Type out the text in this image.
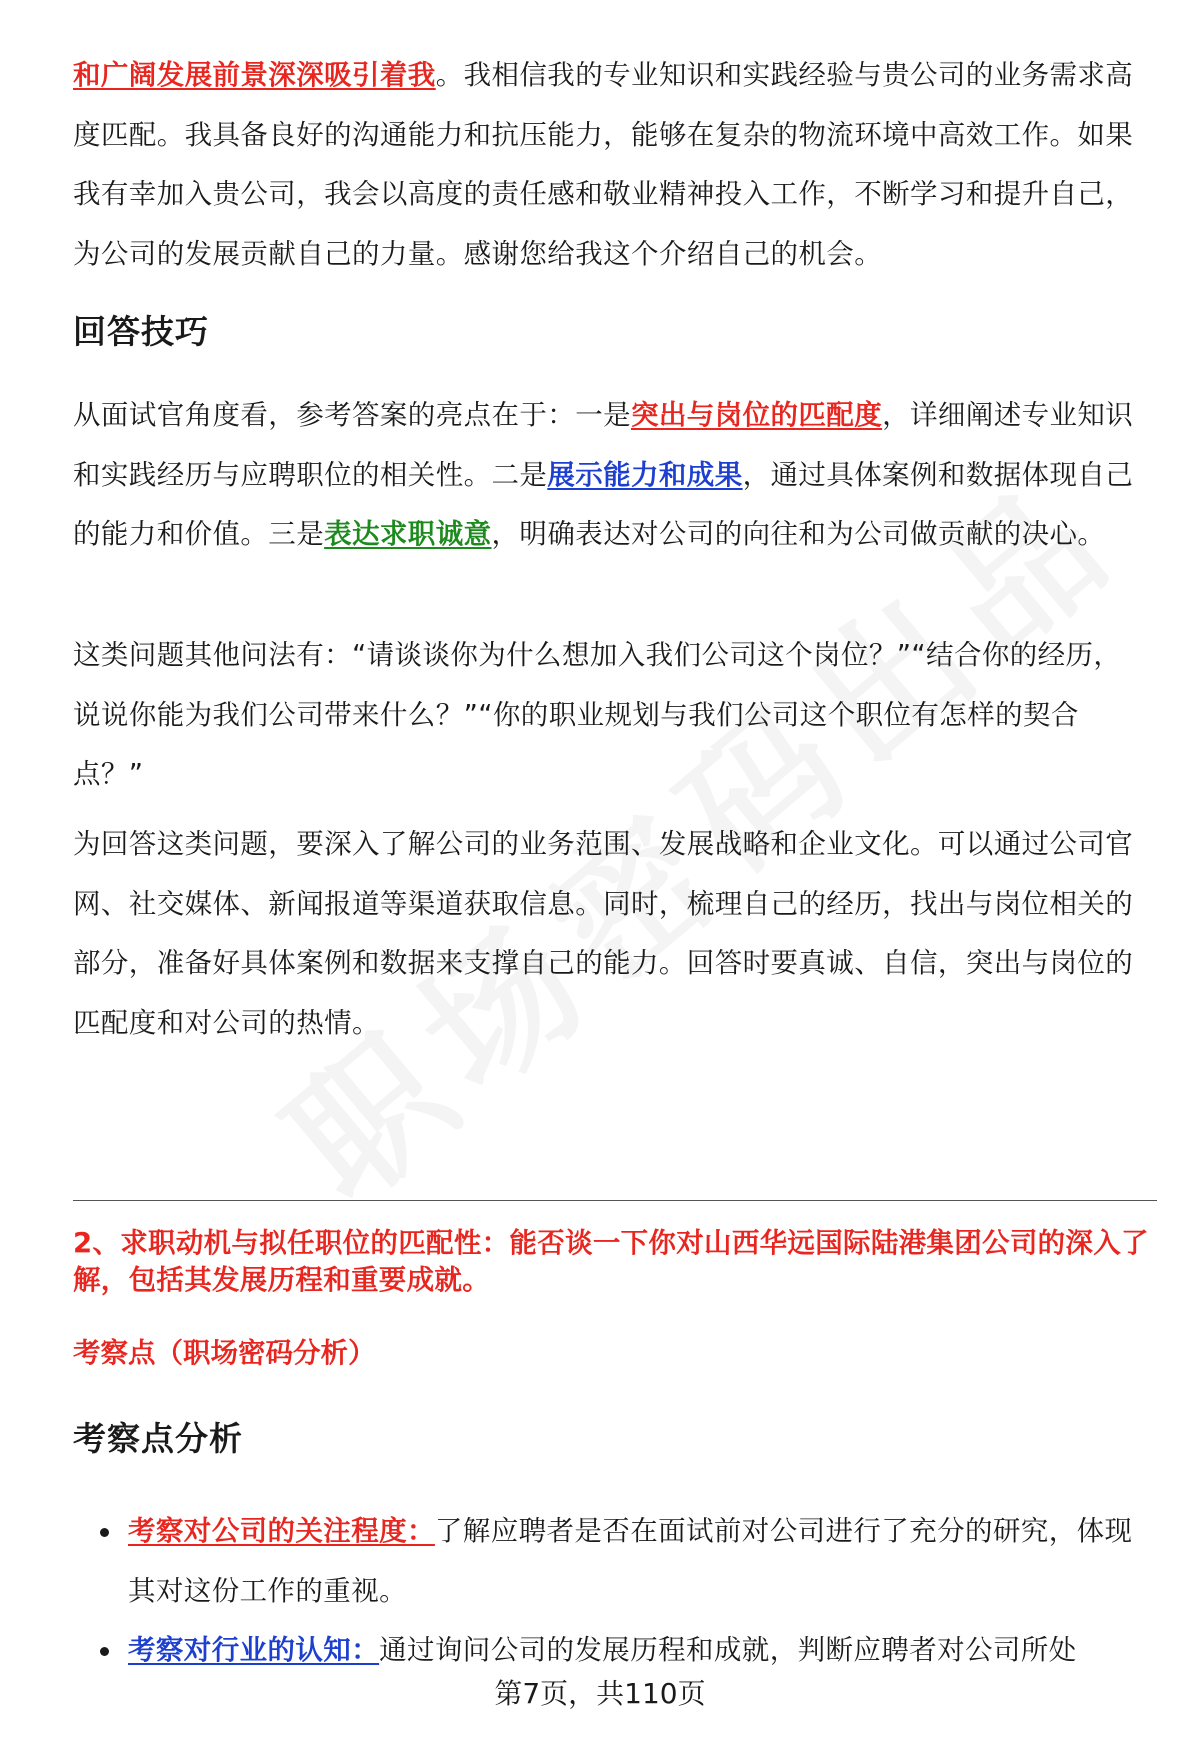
和广阔发展前景深深吸引着我。我相信我的专业知识和实践经验与贵公司的业务需求高度匹配。我具备良好的沟通能力和抗压能力，能够在复杂的物流环境中高效工作。如果我有幸加入贵公司，我会以高度的责任感和敬业精神投入工作，不断学习和提升自己，为公司的发展贡献自己的力量。感谢您给我这个介绍自己的机会。

回答技巧

从面试官角度看，参考答案的亮点在于：一是突出与岗位的匹配度，详细阐述专业知识和实践经历与应聘职位的相关性。二是展示能力和成果，通过具体案例和数据体现自己的能力和价值。三是表达求职诚意，明确表达对公司的向往和为公司做贡献的决心。

这类问题其他问法有：“请谈谈你为什么想加入我们公司这个岗位？”“结合你的经历，说说你能为我们公司带来什么？”“你的职业规划与我们公司这个职位有怎样的契合点？”

为回答这类问题，要深入了解公司的业务范围、发展战略和企业文化。可以通过公司官网、社交媒体、新闻报道等渠道获取信息。同时，梳理自己的经历，找出与岗位相关的部分，准备好具体案例和数据来支撑自己的能力。回答时要真诚、自信，突出与岗位的匹配度和对公司的热情。

2、求职动机与拟任职位的匹配性：能否谈一下你对山西华远国际陆港集团公司的深入了解，包括其发展历程和重要成就。

考察点（职场密码分析）

考察点分析
考察对公司的关注程度：了解应聘者是否在面试前对公司进行了充分的研究，体现其对这份工作的重视。
考察对行业的认知：通过询问公司的发展历程和成就，判断应聘者对公司所处
第7页，共110页
